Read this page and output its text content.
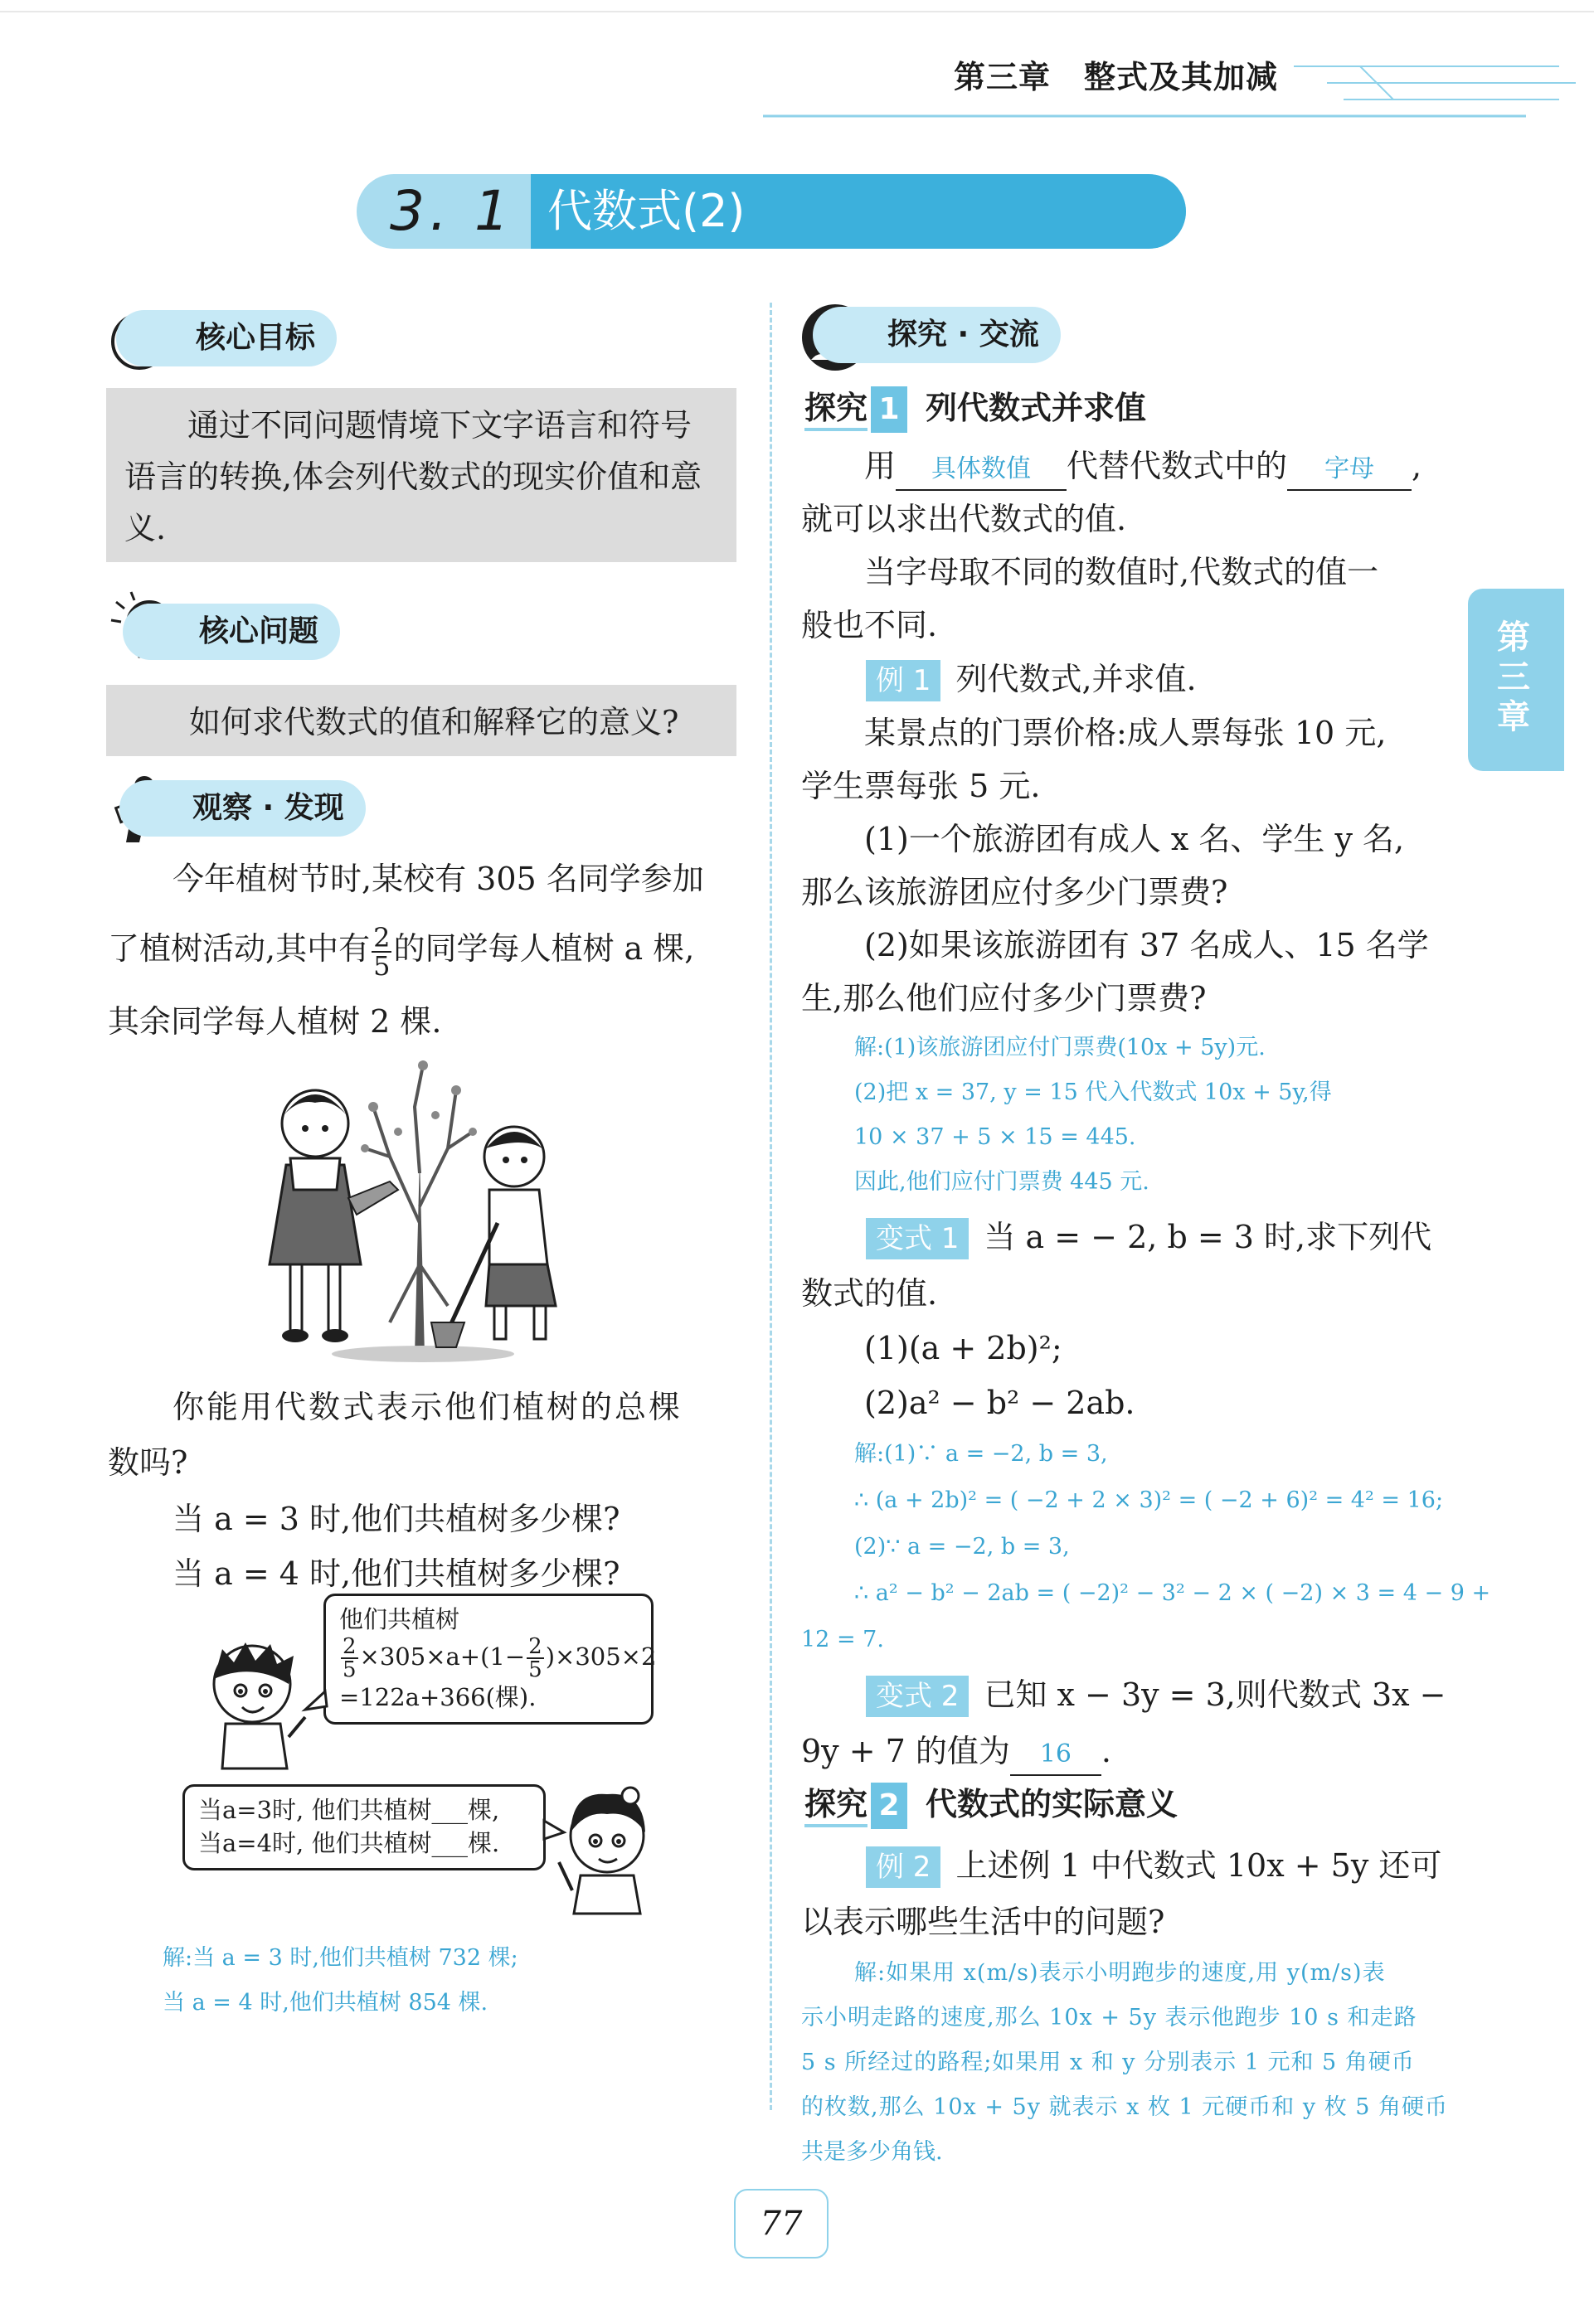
第三章 整式及其加减
3. 1 代数式(2)
第三章
核心目标
通过不同问题情境下文字语言和符号语言的转换,体会列代数式的现实价值和意义.
核心问题
如何求代数式的值和解释它的意义?
观察 · 发现
今年植树节时,某校有 305 名同学参加
了植树活动,其中有 $\frac{2}{5}$ 的同学每人植树 a 棵,
其余同学每人植树 2 棵.
你能用代数式表示他们植树的总棵
数吗?
当 a = 3 时,他们共植树多少棵?
当 a = 4 时,他们共植树多少棵?
他们共植树
$\frac{2}{5} \times 305\times a+(1- \frac{2}{5} )\times 305\times 2$
=122a+366(棵).
当a=3时, 他们共植树___棵,
当a=4时, 他们共植树___棵.
解:当 a = 3 时,他们共植树 732 棵;
当 a = 4 时,他们共植树 854 棵.
探究 · 交流
探究 1 列代数式并求值
用 具体数值 代替代数式中的 字母 ,
就可以求出代数式的值.
当字母取不同的数值时,代数式的值一
般也不同.
例 1 列代数式,并求值.
某景点的门票价格:成人票每张 10 元,
学生票每张 5 元.
(1)一个旅游团有成人 x 名、学生 y 名,
那么该旅游团应付多少门票费?
(2)如果该旅游团有 37 名成人、15 名学
生,那么他们应付多少门票费?
解:(1)该旅游团应付门票费(10x + 5y)元.
(2)把 x = 37, y = 15 代入代数式 10x + 5y,得
10 × 37 + 5 × 15 = 445.
因此,他们应付门票费 445 元.
变式 1 当 a = − 2, b = 3 时,求下列代
数式的值.
(1)(a + 2b)²;
(2)a² − b² − 2ab.
解:(1)∵ a = −2, b = 3,
∴ (a + 2b)² = ( −2 + 2 × 3)² = ( −2 + 6)² = 4² = 16;
(2)∵ a = −2, b = 3,
∴ a² − b² − 2ab = ( −2)² − 3² − 2 × ( −2) × 3 = 4 − 9 +
12 = 7.
变式 2 已知 x − 3y = 3,则代数式 3x −
9y + 7 的值为 16 .
探究 2 代数式的实际意义
例 2 上述例 1 中代数式 10x + 5y 还可
以表示哪些生活中的问题?
解:如果用 x(m/s)表示小明跑步的速度,用 y(m/s)表
示小明走路的速度,那么 10x + 5y 表示他跑步 10 s 和走路
5 s 所经过的路程;如果用 x 和 y 分别表示 1 元和 5 角硬币
的枚数,那么 10x + 5y 就表示 x 枚 1 元硬币和 y 枚 5 角硬币
共是多少角钱.
77
